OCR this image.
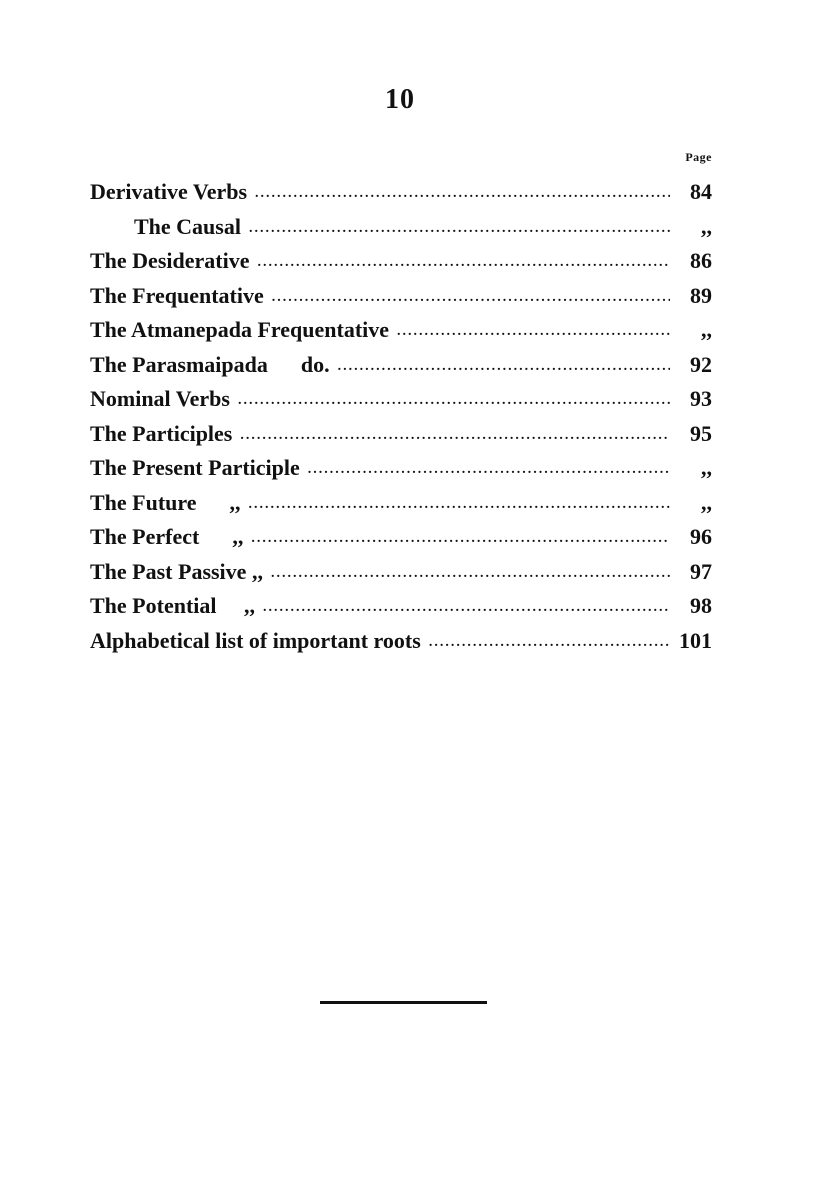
10
Page
Derivative Verbs .....	84
The Causal .....	,,
The Desiderative .....	86
The Frequentative .....	89
The Atmanepada Frequentative .....	,,
The Parasmaipada      do. .....	92
Nominal Verbs .....	93
The Participles .....	95
The Present Participle .....	,,
The Future      ,, .....	,,
The Perfect      ,, .....	96
The Past Passive ,, .....	97
The Potential     ,, .....	98
Alphabetical list of important roots .....	101
